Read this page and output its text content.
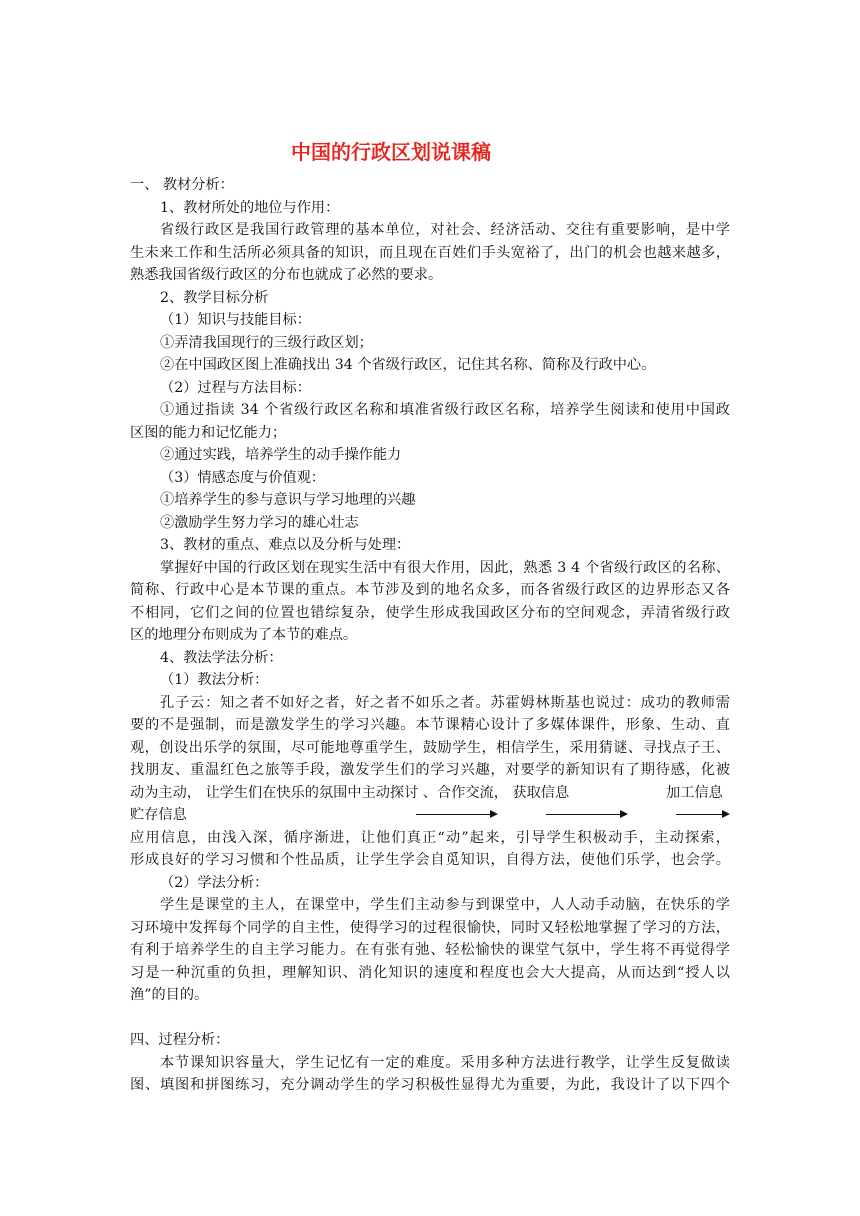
中国的行政区划说课稿
一、 教材分析：
1、教材所处的地位与作用：
省级行政区是我国行政管理的基本单位，对社会、经济活动、交往有重要影响，是中学
生未来工作和生活所必须具备的知识，而且现在百姓们手头宽裕了，出门的机会也越来越多，
熟悉我国省级行政区的分布也就成了必然的要求。
2、教学目标分析
（1）知识与技能目标：
①弄清我国现行的三级行政区划；
②在中国政区图上准确找出 34 个省级行政区，记住其名称、简称及行政中心。
（2）过程与方法目标：
①通过指读 34 个省级行政区名称和填准省级行政区名称，培养学生阅读和使用中国政
区图的能力和记忆能力；
②通过实践，培养学生的动手操作能力
（3）情感态度与价值观：
①培养学生的参与意识与学习地理的兴趣
②激励学生努力学习的雄心壮志
3、教材的重点、难点以及分析与处理：
掌握好中国的行政区划在现实生活中有很大作用，因此，熟悉 3 4 个省级行政区的名称、
简称、行政中心是本节课的重点。本节涉及到的地名众多，而各省级行政区的边界形态又各
不相同，它们之间的位置也错综复杂，使学生形成我国政区分布的空间观念，弄清省级行政
区的地理分布则成为了本节的难点。
4、教法学法分析：
（1）教法分析：
孔子云：知之者不如好之者，好之者不如乐之者。苏霍姆林斯基也说过：成功的教师需
要的不是强制，而是激发学生的学习兴趣。本节课精心设计了多媒体课件，形象、生动、直
观，创设出乐学的氛围，尽可能地尊重学生，鼓励学生，相信学生，采用猜谜、寻找点子王、
找朋友、重温红色之旅等手段，激发学生们的学习兴趣，对要学的新知识有了期待感，化被
动为主动， 让学生们在快乐的氛围中主动探讨 、合作交流， 获取信息	加工信息
贮存信息
应用信息，由浅入深，循序渐进，让他们真正“动”起来，引导学生积极动手，主动探索，
形成良好的学习习惯和个性品质，让学生学会自觅知识，自得方法，使他们乐学，也会学。
（2）学法分析：
学生是课堂的主人，在课堂中，学生们主动参与到课堂中，人人动手动脑，在快乐的学
习环境中发挥每个同学的自主性，使得学习的过程很愉快，同时又轻松地掌握了学习的方法，
有利于培养学生的自主学习能力。在有张有弛、轻松愉快的课堂气氛中，学生将不再觉得学
习是一种沉重的负担，理解知识、消化知识的速度和程度也会大大提高，从而达到“授人以
渔”的目的。
四、过程分析：
本节课知识容量大，学生记忆有一定的难度。采用多种方法进行教学，让学生反复做读
图、填图和拼图练习，充分调动学生的学习积极性显得尤为重要，为此，我设计了以下四个
